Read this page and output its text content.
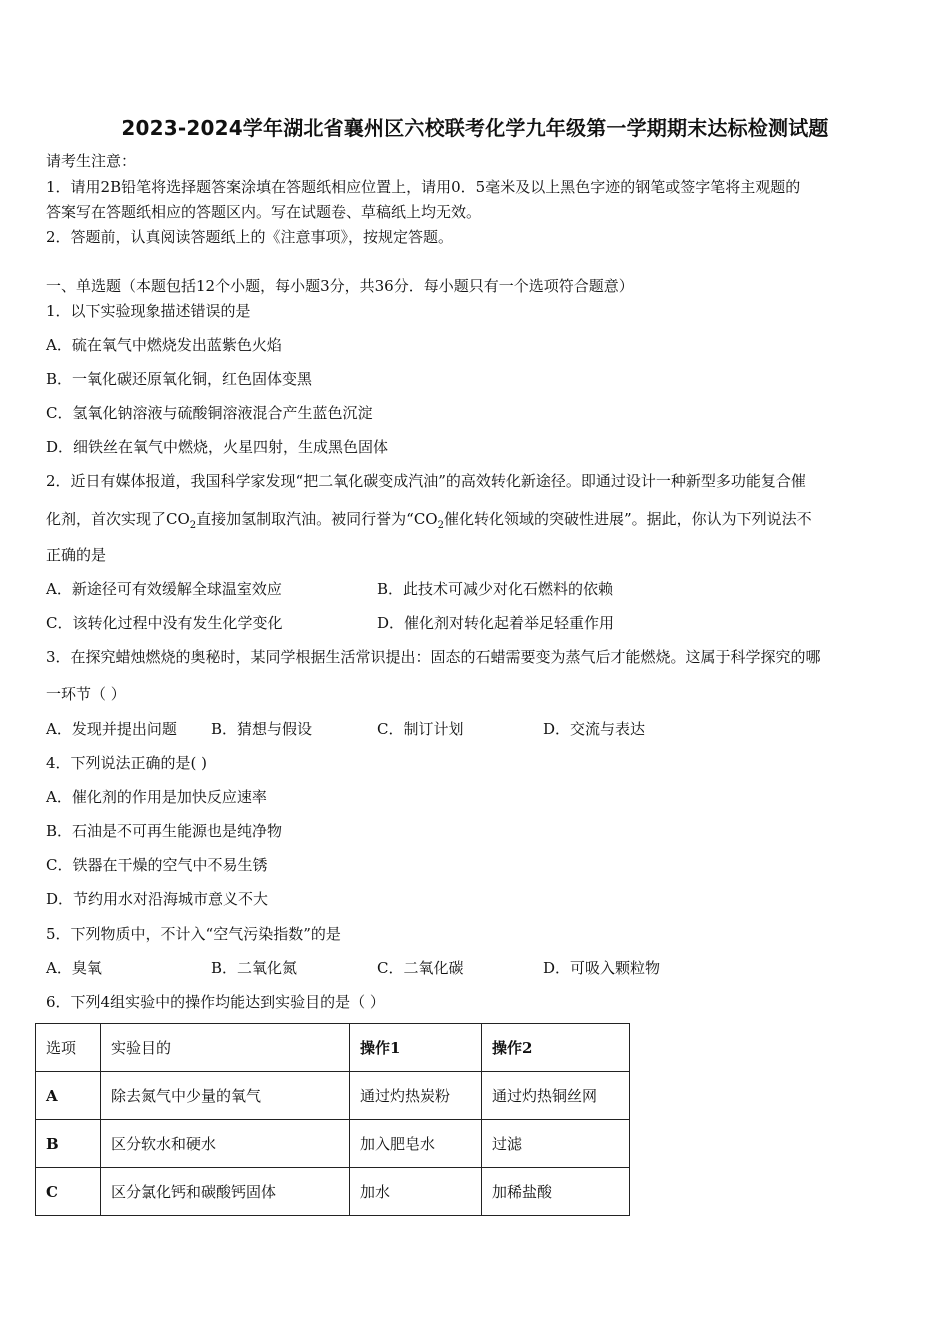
2023-2024学年湖北省襄州区六校联考化学九年级第一学期期末达标检测试题
请考生注意：
1．请用2B铅笔将选择题答案涂填在答题纸相应位置上，请用0．5毫米及以上黑色字迹的钢笔或签字笔将主观题的
答案写在答题纸相应的答题区内。写在试题卷、草稿纸上均无效。
2．答题前，认真阅读答题纸上的《注意事项》，按规定答题。
一、单选题（本题包括12个小题，每小题3分，共36分．每小题只有一个选项符合题意）
1．以下实验现象描述错误的是
A．硫在氧气中燃烧发出蓝紫色火焰
B．一氧化碳还原氧化铜，红色固体变黑
C．氢氧化钠溶液与硫酸铜溶液混合产生蓝色沉淀
D．细铁丝在氧气中燃烧，火星四射，生成黑色固体
2．近日有媒体报道，我国科学家发现“把二氧化碳变成汽油”的高效转化新途径。即通过设计一种新型多功能复合催
化剂，首次实现了$CO_2$直接加氢制取汽油。被同行誉为“$CO_2$催化转化领域的突破性进展”。据此，你认为下列说法不
正确的是
A．新途径可有效缓解全球温室效应	B．此技术可减少对化石燃料的依赖
C．该转化过程中没有发生化学变化	D．催化剂对转化起着举足轻重作用
3．在探究蜡烛燃烧的奥秘时，某同学根据生活常识提出：固态的石蜡需要变为蒸气后才能燃烧。这属于科学探究的哪
一环节（ ）
A．发现并提出问题 B．猜想与假设	C．制订计划	D．交流与表达
4．下列说法正确的是( )
A．催化剂的作用是加快反应速率
B．石油是不可再生能源也是纯净物
C．铁器在干燥的空气中不易生锈
D．节约用水对沿海城市意义不大
5．下列物质中，不计入“空气污染指数”的是
A．臭氧	B．二氧化氮	C．二氧化碳	D．可吸入颗粒物
6．下列4组实验中的操作均能达到实验目的是（ ）
选项	实验目的	操作1	操作2
A	除去氮气中少量的氧气	通过灼热炭粉	通过灼热铜丝网
B	区分软水和硬水	加入肥皂水	过滤
C	区分氯化钙和碳酸钙固体	加水	加稀盐酸
